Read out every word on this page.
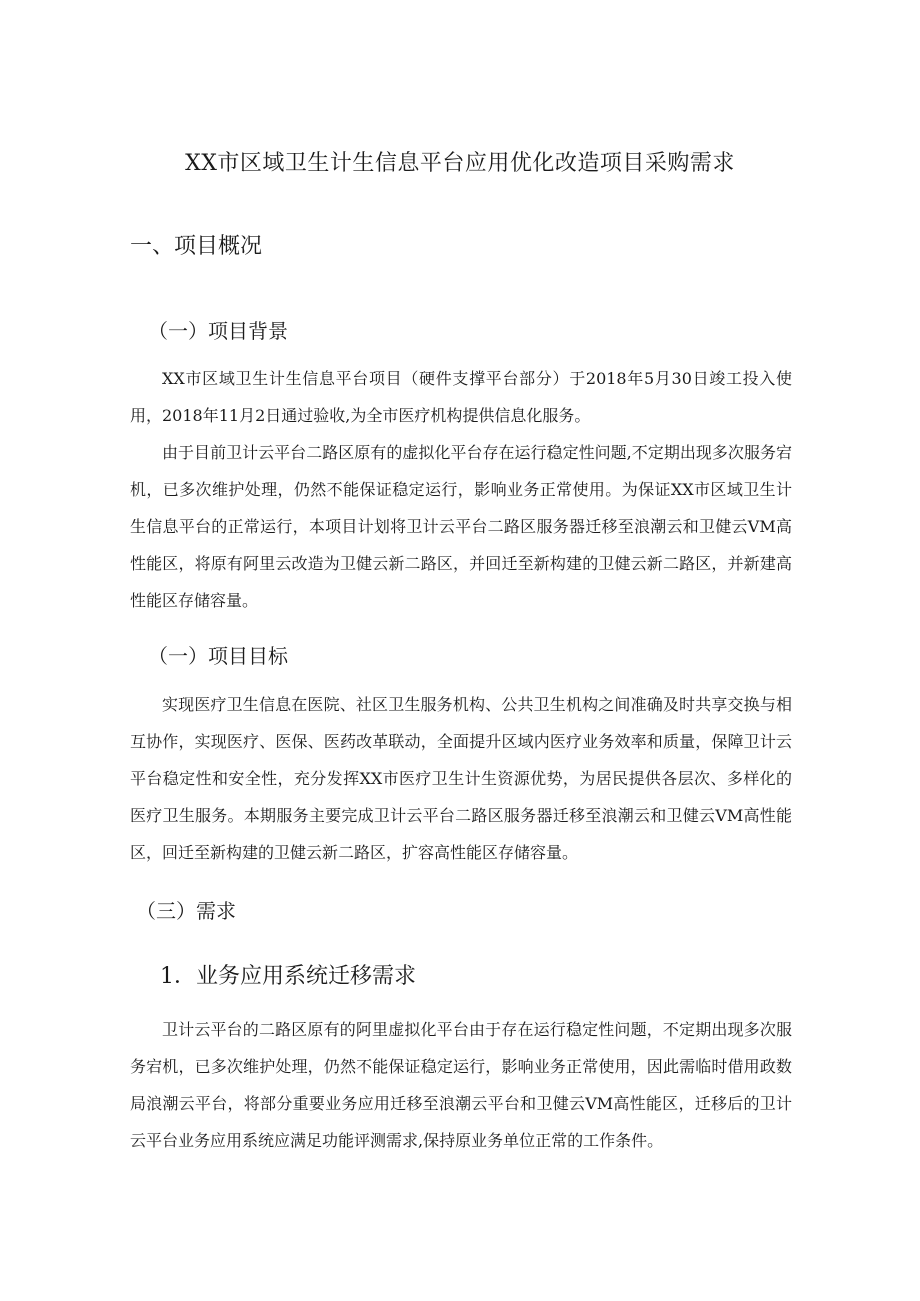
XX市区域卫生计生信息平台应用优化改造项目采购需求
一、项目概况
（一）项目背景

XX市区域卫生计生信息平台项目（硬件支撑平台部分）于2018年5月30日竣工投入使用，2018年11月2日通过验收,为全市医疗机构提供信息化服务。

由于目前卫计云平台二路区原有的虚拟化平台存在运行稳定性问题,不定期出现多次服务宕机，已多次维护处理，仍然不能保证稳定运行，影响业务正常使用。为保证XX市区域卫生计生信息平台的正常运行，本项目计划将卫计云平台二路区服务器迁移至浪潮云和卫健云VM高性能区，将原有阿里云改造为卫健云新二路区，并回迁至新构建的卫健云新二路区，并新建高性能区存储容量。

（一）项目目标

实现医疗卫生信息在医院、社区卫生服务机构、公共卫生机构之间准确及时共享交换与相互协作，实现医疗、医保、医药改革联动，全面提升区域内医疗业务效率和质量，保障卫计云平台稳定性和安全性，充分发挥XX市医疗卫生计生资源优势，为居民提供各层次、多样化的医疗卫生服务。本期服务主要完成卫计云平台二路区服务器迁移至浪潮云和卫健云VM高性能区，回迁至新构建的卫健云新二路区，扩容高性能区存储容量。

（三）需求
1．业务应用系统迁移需求

卫计云平台的二路区原有的阿里虚拟化平台由于存在运行稳定性问题，不定期出现多次服务宕机，已多次维护处理，仍然不能保证稳定运行，影响业务正常使用，因此需临时借用政数局浪潮云平台，将部分重要业务应用迁移至浪潮云平台和卫健云VM高性能区，迁移后的卫计云平台业务应用系统应满足功能评测需求,保持原业务单位正常的工作条件。
